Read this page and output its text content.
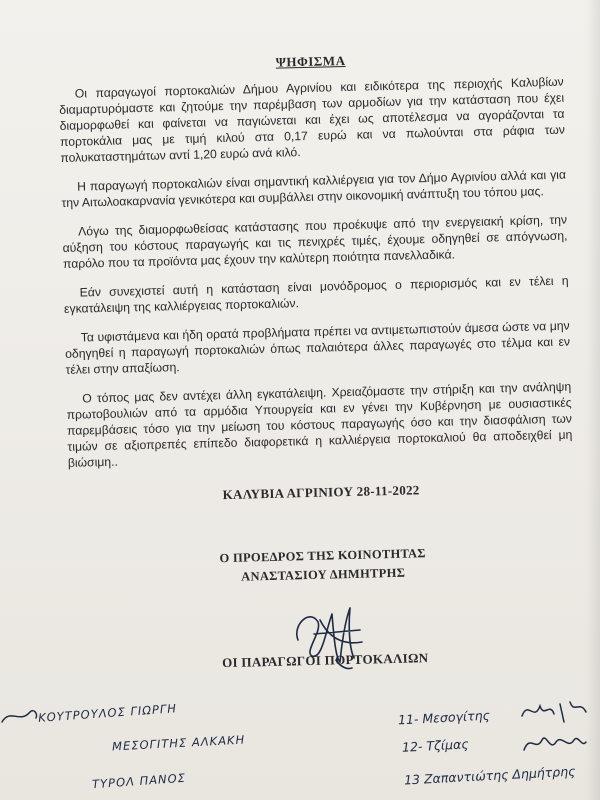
ΨΗΦΙΣΜΑ

Οι παραγωγοί πορτοκαλιών Δήμου Αγρινίου και ειδικότερα της περιοχής Καλυβίων διαμαρτυρόμαστε και ζητούμε την παρέμβαση των αρμοδίων για την κατάσταση που έχει διαμορφωθεί και φαίνεται να παγιώνεται και έχει ως αποτέλεσμα να αγοράζονται τα πορτοκάλια μας με τιμή κιλού στα 0,17 ευρώ και να πωλούνται στα ράφια των πολυκαταστημάτων αντί 1,20 ευρώ ανά κιλό.

Η παραγωγή πορτοκαλιών είναι σημαντική καλλιέργεια για τον Δήμο Αγρινίου αλλά και για την Αιτωλοακαρνανία γενικότερα και συμβάλλει στην οικονομική ανάπτυξη του τόπου μας.

Λόγω της διαμορφωθείσας κατάστασης που προέκυψε από την ενεργειακή κρίση, την αύξηση του κόστους παραγωγής και τις πενιχρές τιμές, έχουμε οδηγηθεί σε απόγνωση, παρόλο που τα προϊόντα μας έχουν την καλύτερη ποιότητα πανελλαδικά.

Εάν συνεχιστεί αυτή η κατάσταση είναι μονόδρομος ο περιορισμός και εν τέλει η εγκατάλειψη της καλλιέργειας πορτοκαλιών.

Τα υφιστάμενα και ήδη ορατά προβλήματα πρέπει να αντιμετωπιστούν άμεσα ώστε να μην οδηγηθεί η παραγωγή πορτοκαλιών όπως παλαιότερα άλλες παραγωγές στο τέλμα και εν τέλει στην απαξίωση.

Ο τόπος μας δεν αντέχει άλλη εγκατάλειψη. Χρειαζόμαστε την στήριξη και την ανάληψη πρωτοβουλιών από τα αρμόδια Υπουργεία και εν γένει την Κυβέρνηση με ουσιαστικές παρεμβάσεις τόσο για την μείωση του κόστους παραγωγής όσο και την διασφάλιση των τιμών σε αξιοπρεπές επίπεδο διαφορετικά η καλλιέργεια πορτοκαλιού θα αποδειχθεί μη βιώσιμη..

ΚΑΛΥΒΙΑ ΑΓΡΙΝΙΟΥ 28-11-2022
Ο ΠΡΟΕΔΡΟΣ ΤΗΣ ΚΟΙΝΟΤΗΤΑΣ
ΑΝΑΣΤΑΣΙΟΥ ΔΗΜΗΤΡΗΣ
ΟΙ ΠΑΡΑΓΩΓΟΙ ΠΟΡΤΟΚΑΛΙΩΝ
ΚΟΥΤΡΟΥΛΟΣ ΓΙΩΡΓΗ
ΜΕΣΟΓΙΤΗΣ ΑΛΚΑΚΗ
ΤΥΡΟΛ ΠΑΝΟΣ
11- Μεσογίτης
12- Τζίμας
13 Ζαπαντιώτης Δημήτρης
